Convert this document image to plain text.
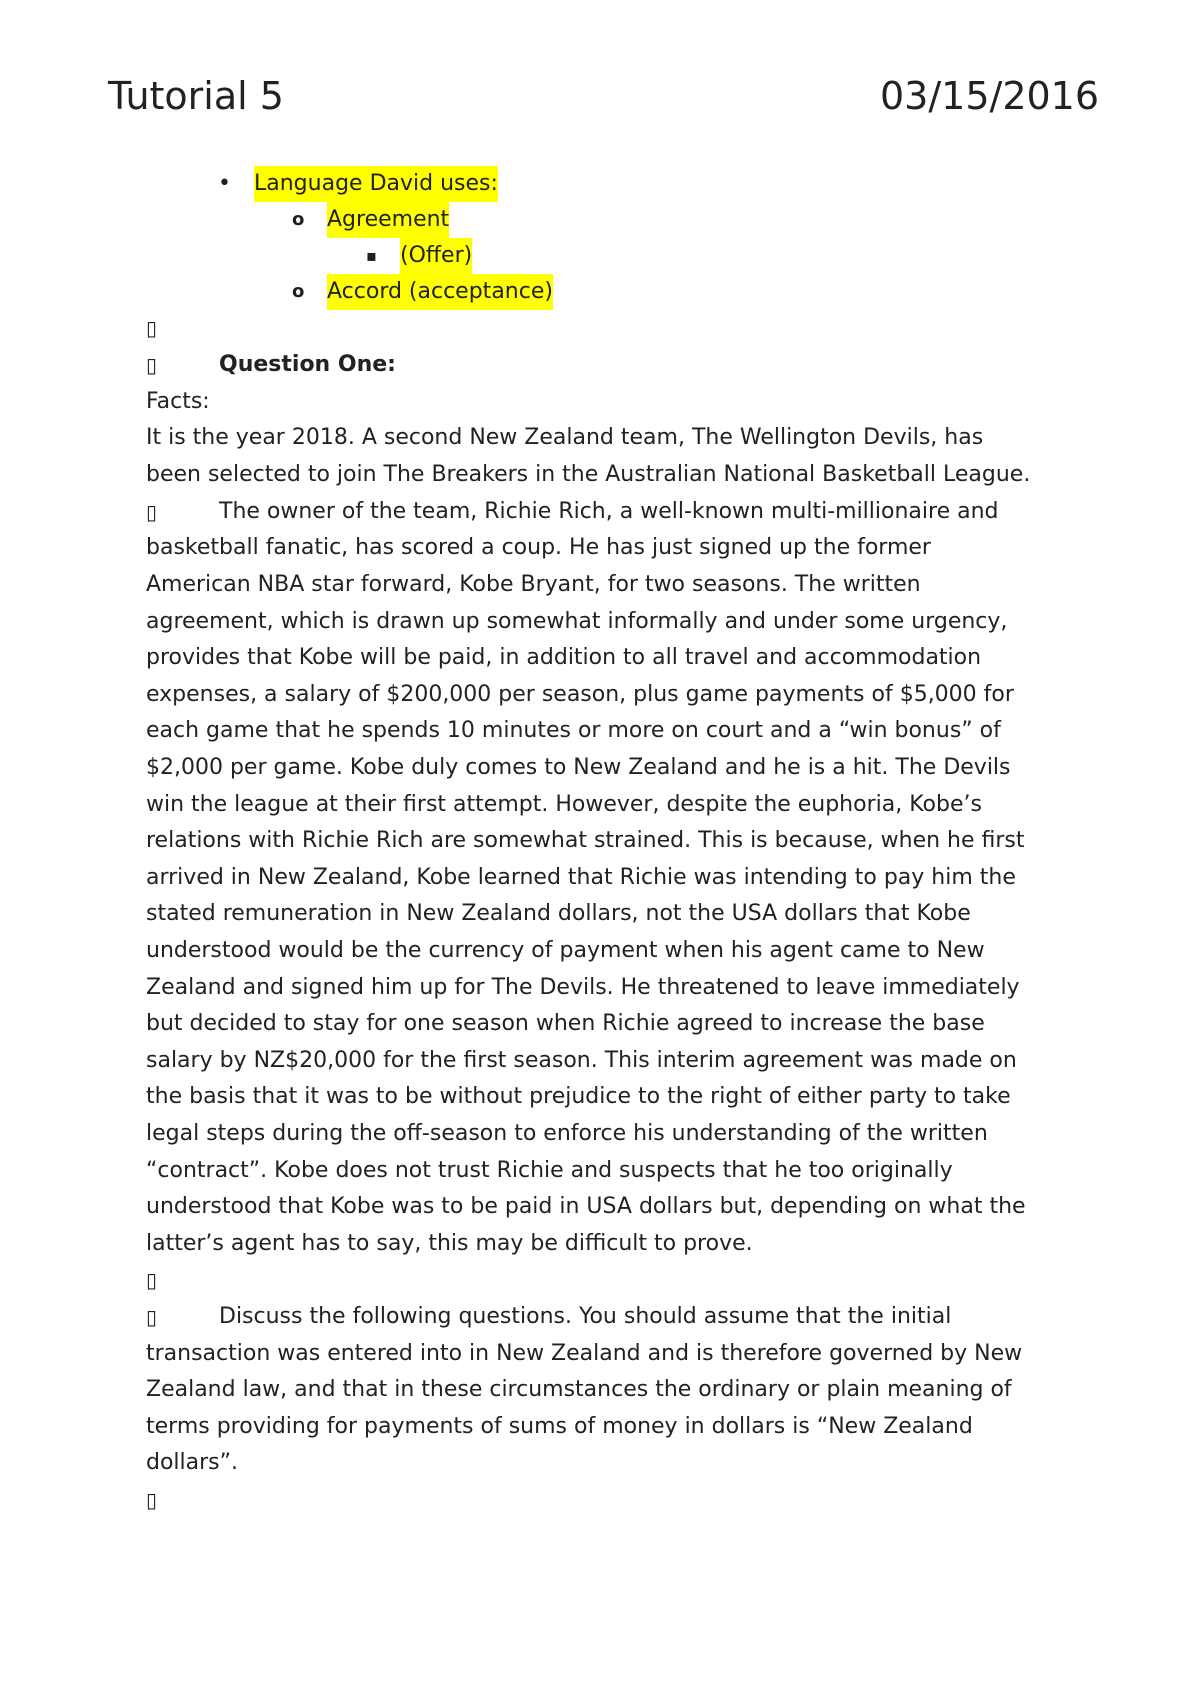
Tutorial 5	03/15/2016
• Language David uses:
o Agreement
▪ (Offer)
o Accord (acceptance)
▯
▯	Question One:
Facts:
It is the year 2018. A second New Zealand team, The Wellington Devils, has
been selected to join The Breakers in the Australian National Basketball League.
▯	The owner of the team, Richie Rich, a well-known multi-millionaire and
basketball fanatic, has scored a coup. He has just signed up the former
American NBA star forward, Kobe Bryant, for two seasons. The written
agreement, which is drawn up somewhat informally and under some urgency,
provides that Kobe will be paid, in addition to all travel and accommodation
expenses, a salary of $200,000 per season, plus game payments of $5,000 for
each game that he spends 10 minutes or more on court and a “win bonus” of
$2,000 per game. Kobe duly comes to New Zealand and he is a hit. The Devils
win the league at their first attempt. However, despite the euphoria, Kobe’s
relations with Richie Rich are somewhat strained. This is because, when he first
arrived in New Zealand, Kobe learned that Richie was intending to pay him the
stated remuneration in New Zealand dollars, not the USA dollars that Kobe
understood would be the currency of payment when his agent came to New
Zealand and signed him up for The Devils. He threatened to leave immediately
but decided to stay for one season when Richie agreed to increase the base
salary by NZ$20,000 for the first season. This interim agreement was made on
the basis that it was to be without prejudice to the right of either party to take
legal steps during the off-season to enforce his understanding of the written
“contract”. Kobe does not trust Richie and suspects that he too originally
understood that Kobe was to be paid in USA dollars but, depending on what the
latter’s agent has to say, this may be difficult to prove.
▯
▯	Discuss the following questions. You should assume that the initial
transaction was entered into in New Zealand and is therefore governed by New
Zealand law, and that in these circumstances the ordinary or plain meaning of
terms providing for payments of sums of money in dollars is “New Zealand
dollars”.
▯
